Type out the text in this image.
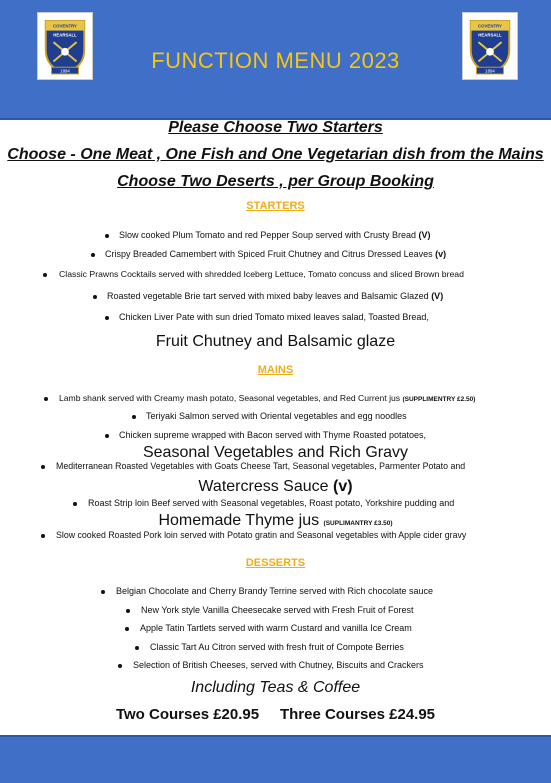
COVENTRY
HEARSALL
1894
COVENTRY
HEARSALL
1894
FUNCTION MENU 2023
Please Choose Two Starters
Choose - One Meat , One Fish and One Vegetarian dish from the Mains
Choose Two Deserts , per Group Booking
STARTERS
Slow cooked Plum Tomato and red Pepper Soup served with Crusty Bread (V)
Crispy Breaded Camembert with Spiced Fruit Chutney and Citrus Dressed Leaves (v)
Classic Prawns Cocktails served with shredded Iceberg Lettuce, Tomato concuss and sliced Brown bread
Roasted vegetable Brie tart served with mixed baby leaves and Balsamic Glazed (V)
Chicken Liver Pate with sun dried Tomato mixed leaves salad, Toasted Bread,
Fruit Chutney and Balsamic glaze
MAINS
Lamb shank served with Creamy mash potato, Seasonal vegetables, and Red Current jus (SUPPLIMENTRY £2.50)
Teriyaki Salmon served with Oriental vegetables and egg noodles
Chicken supreme wrapped with Bacon served with Thyme Roasted potatoes,
Seasonal Vegetables and Rich Gravy
Mediterranean Roasted Vegetables with Goats Cheese Tart, Seasonal vegetables, Parmenter Potato and
Watercress Sauce (v)
Roast Strip loin Beef served with Seasonal vegetables, Roast potato, Yorkshire pudding and
Homemade Thyme jus (SUPLIMANTRY £3.50)
Slow cooked Roasted Pork loin served with Potato gratin and Seasonal vegetables with Apple cider gravy
DESSERTS
Belgian Chocolate and Cherry Brandy Terrine served with Rich chocolate sauce
New York style Vanilla Cheesecake served with Fresh Fruit of Forest
Apple Tatin Tartlets served with warm Custard and vanilla Ice Cream
Classic Tart Au Citron served with fresh fruit of Compote Berries
Selection of British Cheeses, served with Chutney, Biscuits and Crackers
Including Teas & Coffee
Two Courses £20.95 Three Courses £24.95
